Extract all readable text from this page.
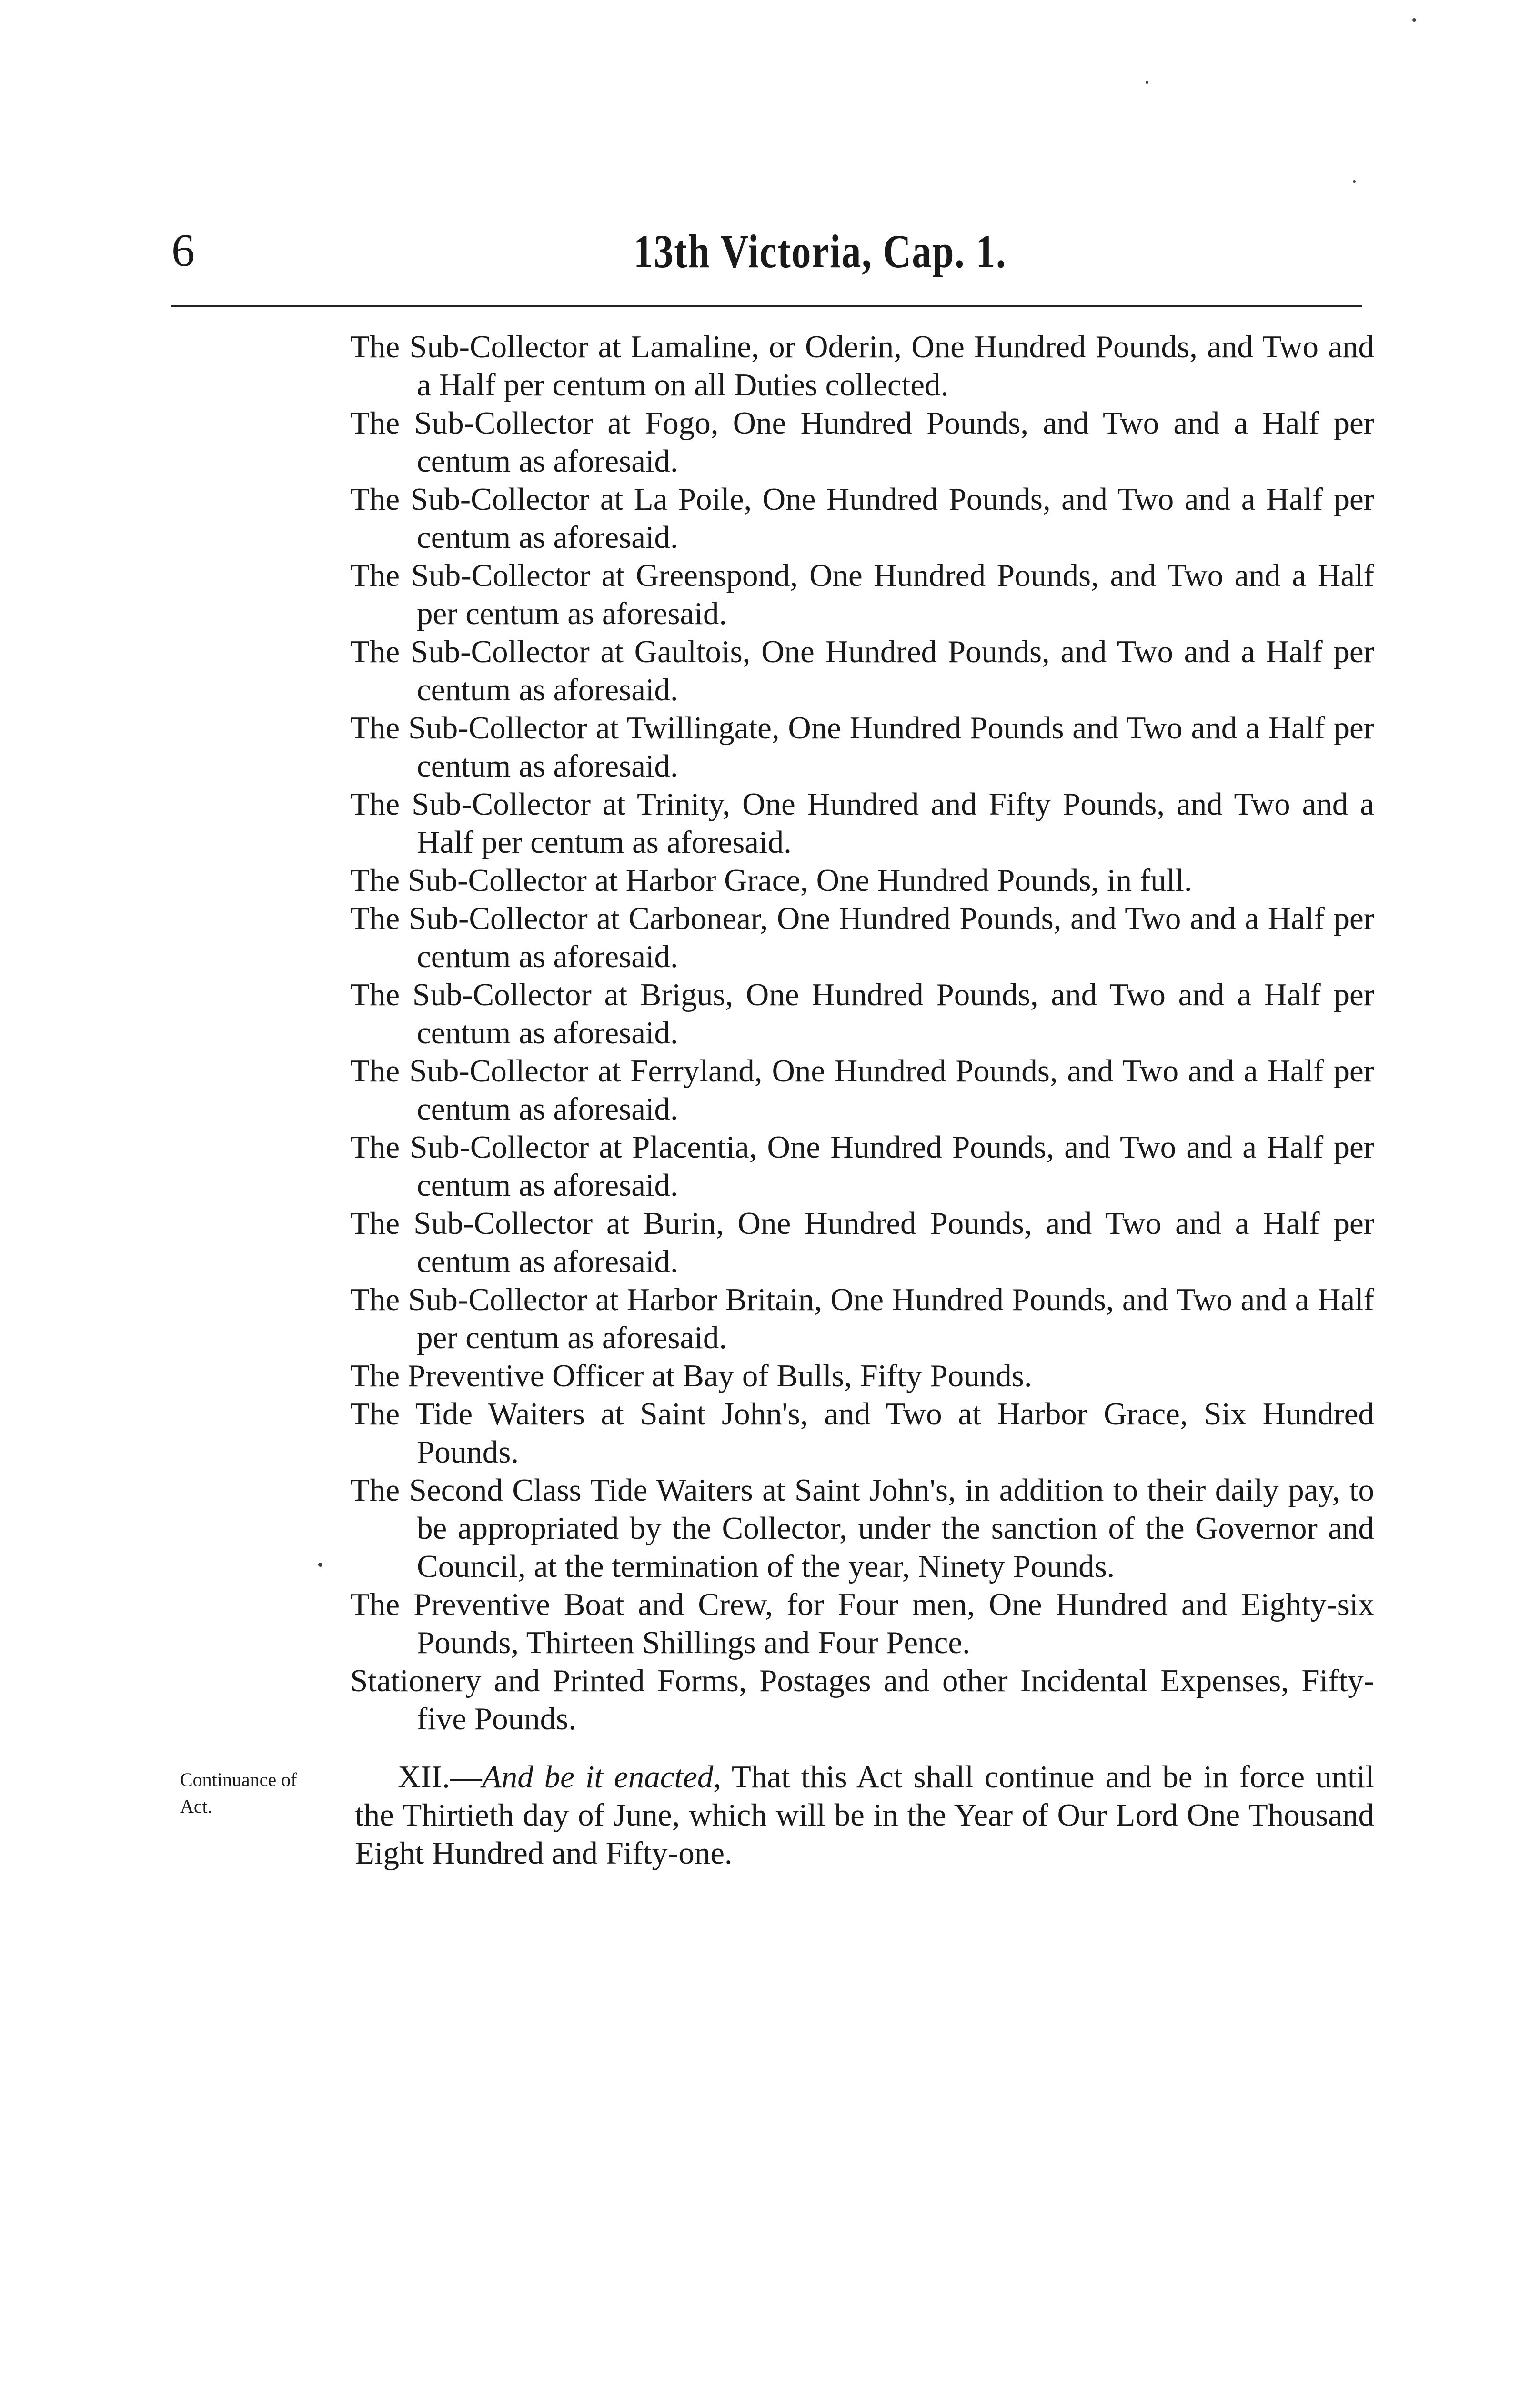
6	13th Victoria, Cap. 1.

The Sub-Collector at Lamaline, or Oderin, One Hundred Pounds, and Two and a Half per centum on all Duties collected.

The Sub-Collector at Fogo, One Hundred Pounds, and Two and a Half per centum as aforesaid.

The Sub-Collector at La Poile, One Hundred Pounds, and Two and a Half per centum as aforesaid.

The Sub-Collector at Greenspond, One Hundred Pounds, and Two and a Half per centum as aforesaid.

The Sub-Collector at Gaultois, One Hundred Pounds, and Two and a Half per centum as aforesaid.

The Sub-Collector at Twillingate, One Hundred Pounds and Two and a Half per centum as aforesaid.

The Sub-Collector at Trinity, One Hundred and Fifty Pounds, and Two and a Half per centum as aforesaid.

The Sub-Collector at Harbor Grace, One Hundred Pounds, in full.

The Sub-Collector at Carbonear, One Hundred Pounds, and Two and a Half per centum as aforesaid.

The Sub-Collector at Brigus, One Hundred Pounds, and Two and a Half per centum as aforesaid.

The Sub-Collector at Ferryland, One Hundred Pounds, and Two and a Half per centum as aforesaid.

The Sub-Collector at Placentia, One Hundred Pounds, and Two and a Half per centum as aforesaid.

The Sub-Collector at Burin, One Hundred Pounds, and Two and a Half per centum as aforesaid.

The Sub-Collector at Harbor Britain, One Hundred Pounds, and Two and a Half per centum as aforesaid.

The Preventive Officer at Bay of Bulls, Fifty Pounds.

The Tide Waiters at Saint John's, and Two at Harbor Grace, Six Hundred Pounds.

The Second Class Tide Waiters at Saint John's, in addition to their daily pay, to be appropriated by the Collector, under the sanction of the Governor and Council, at the termination of the year, Ninety Pounds.

The Preventive Boat and Crew, for Four men, One Hundred and Eighty-six Pounds, Thirteen Shillings and Four Pence.

Stationery and Printed Forms, Postages and other Incidental Expenses, Fifty-five Pounds.

Continuance of
Act.
XII.—And be it enacted, That this Act shall continue and be in force until the Thirtieth day of June, which will be in the Year of Our Lord One Thousand Eight Hundred and Fifty-one.
